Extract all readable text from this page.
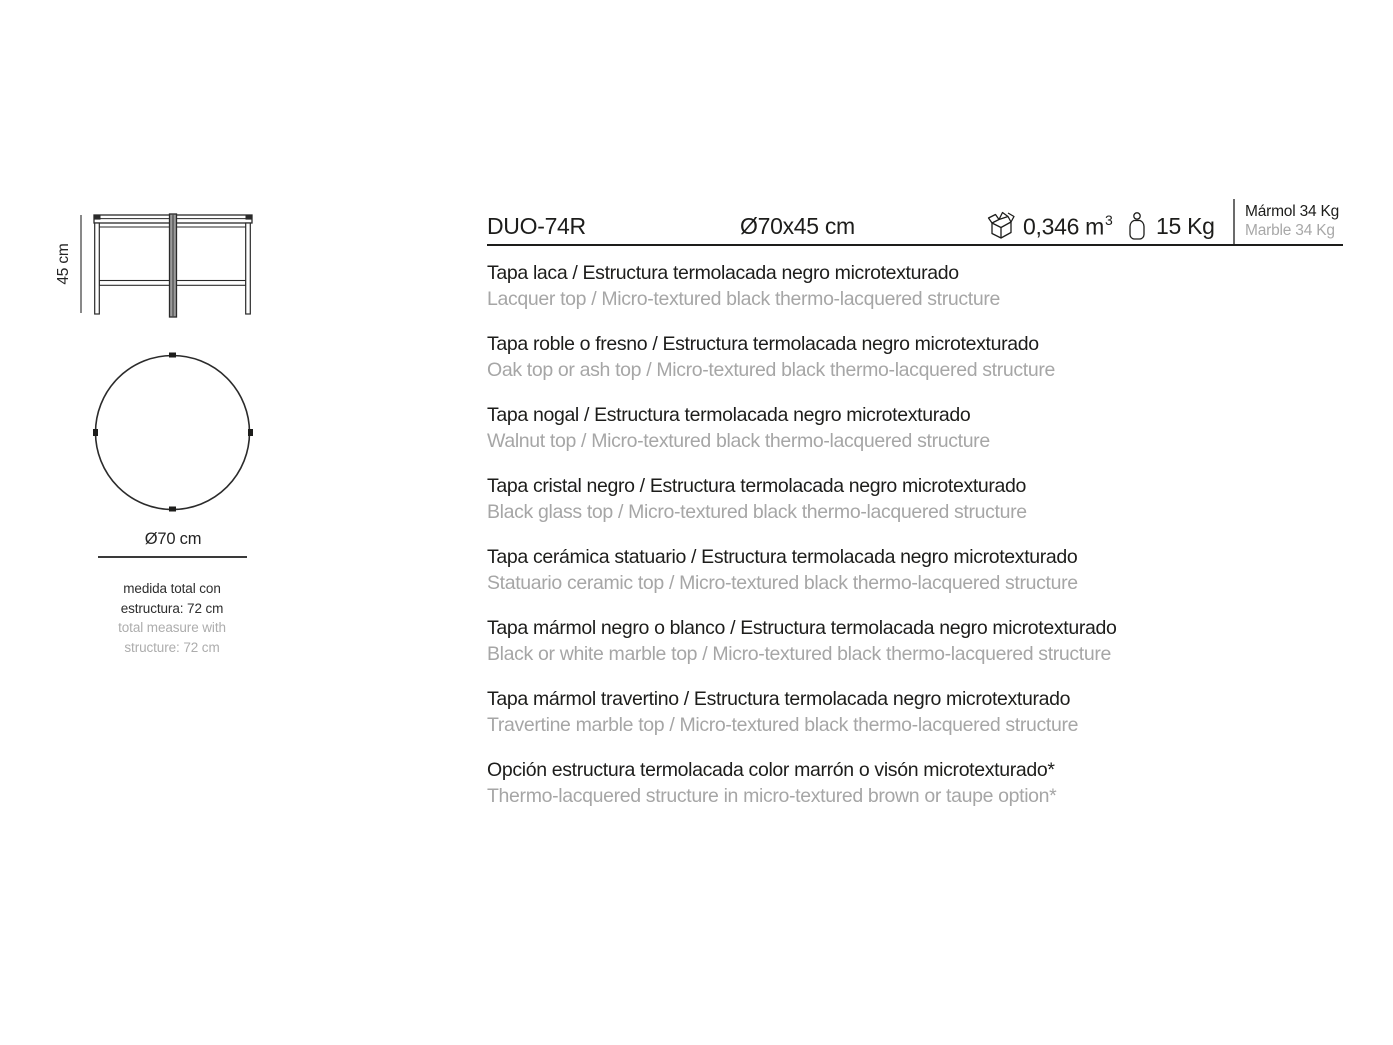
45 cm
Ø70 cm
medida total con
estructura: 72 cm
total measure with
structure: 72 cm
DUO-74R	Ø70x45 cm	0,346 $m^3$ 15 Kg
Mármol 34 Kg
Marble 34 Kg
Tapa laca / Estructura termolacada negro microtexturado
Lacquer top / Micro-textured black thermo-lacquered structure
Tapa roble o fresno / Estructura termolacada negro microtexturado
Oak top or ash top / Micro-textured black thermo-lacquered structure
Tapa nogal / Estructura termolacada negro microtexturado
Walnut top / Micro-textured black thermo-lacquered structure
Tapa cristal negro / Estructura termolacada negro microtexturado
Black glass top / Micro-textured black thermo-lacquered structure
Tapa cerámica statuario / Estructura termolacada negro microtexturado
Statuario ceramic top / Micro-textured black thermo-lacquered structure
Tapa mármol negro o blanco / Estructura termolacada negro microtexturado
Black or white marble top / Micro-textured black thermo-lacquered structure
Tapa mármol travertino / Estructura termolacada negro microtexturado
Travertine marble top / Micro-textured black thermo-lacquered structure
Opción estructura termolacada color marrón o visón microtexturado*
Thermo-lacquered structure in micro-textured brown or taupe option*
